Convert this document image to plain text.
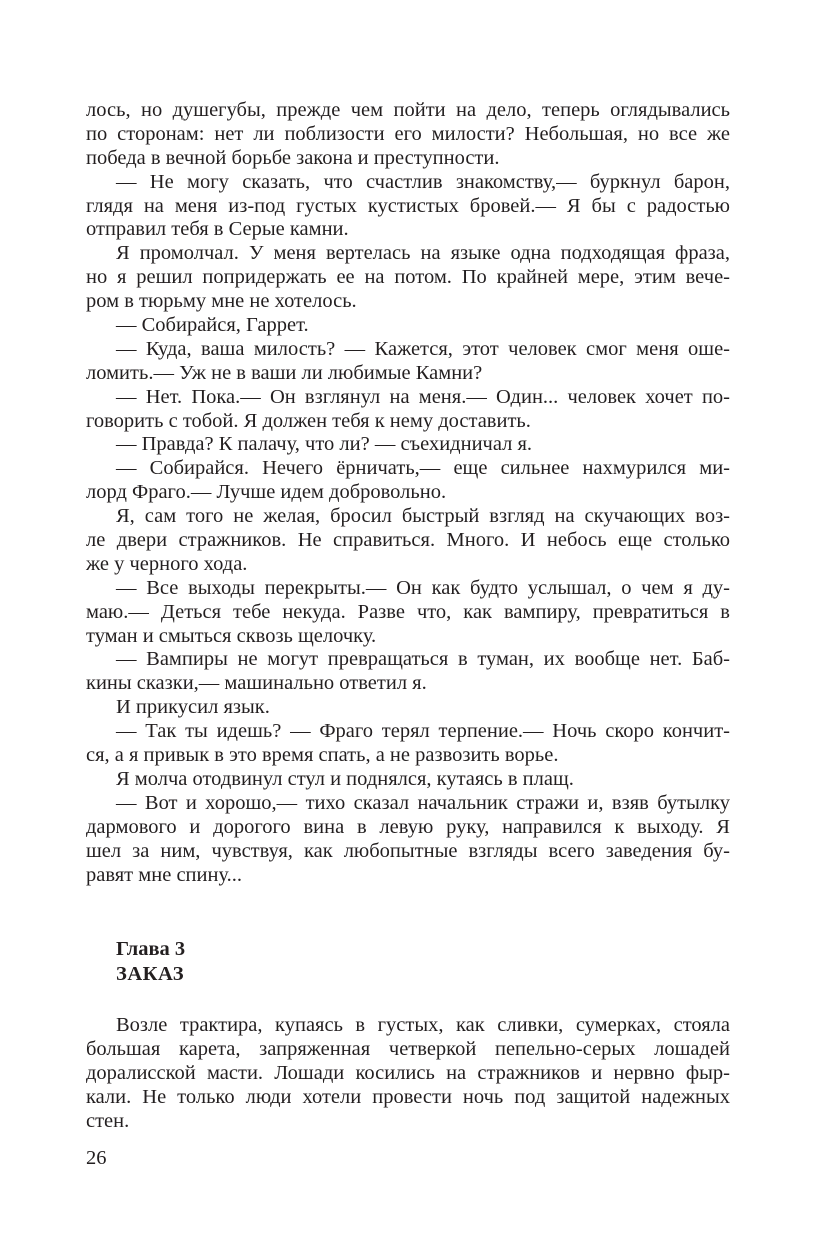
лось, но душегубы, прежде чем пойти на дело, теперь оглядывались
по сторонам: нет ли поблизости его милости? Небольшая, но все же
победа в вечной борьбе закона и преступности.
— Не могу сказать, что счастлив знакомству,— буркнул барон,
глядя на меня из-под густых кустистых бровей.— Я бы с радостью
отправил тебя в Серые камни.
Я промолчал. У меня вертелась на языке одна подходящая фраза,
но я решил попридержать ее на потом. По крайней мере, этим вече-
ром в тюрьму мне не хотелось.
— Собирайся, Гаррет.
— Куда, ваша милость? — Кажется, этот человек смог меня оше-
ломить.— Уж не в ваши ли любимые Камни?
— Нет. Пока.— Он взглянул на меня.— Один... человек хочет по-
говорить с тобой. Я должен тебя к нему доставить.
— Правда? К палачу, что ли? — съехидничал я.
— Собирайся. Нечего ёрничать,— еще сильнее нахмурился ми-
лорд Фраго.— Лучше идем добровольно.
Я, сам того не желая, бросил быстрый взгляд на скучающих воз-
ле двери стражников. Не справиться. Много. И небось еще столько
же у черного хода.
— Все выходы перекрыты.— Он как будто услышал, о чем я ду-
маю.— Деться тебе некуда. Разве что, как вампиру, превратиться в
туман и смыться сквозь щелочку.
— Вампиры не могут превращаться в туман, их вообще нет. Баб-
кины сказки,— машинально ответил я.
И прикусил язык.
— Так ты идешь? — Фраго терял терпение.— Ночь скоро кончит-
ся, а я привык в это время спать, а не развозить ворье.
Я молча отодвинул стул и поднялся, кутаясь в плащ.
— Вот и хорошо,— тихо сказал начальник стражи и, взяв бутылку
дармового и дорогого вина в левую руку, направился к выходу. Я
шел за ним, чувствуя, как любопытные взгляды всего заведения бу-
равят мне спину...
Глава 3
ЗАКАЗ
Возле трактира, купаясь в густых, как сливки, сумерках, стояла
большая карета, запряженная четверкой пепельно-серых лошадей
доралисской масти. Лошади косились на стражников и нервно фыр-
кали. Не только люди хотели провести ночь под защитой надежных
стен.
26
